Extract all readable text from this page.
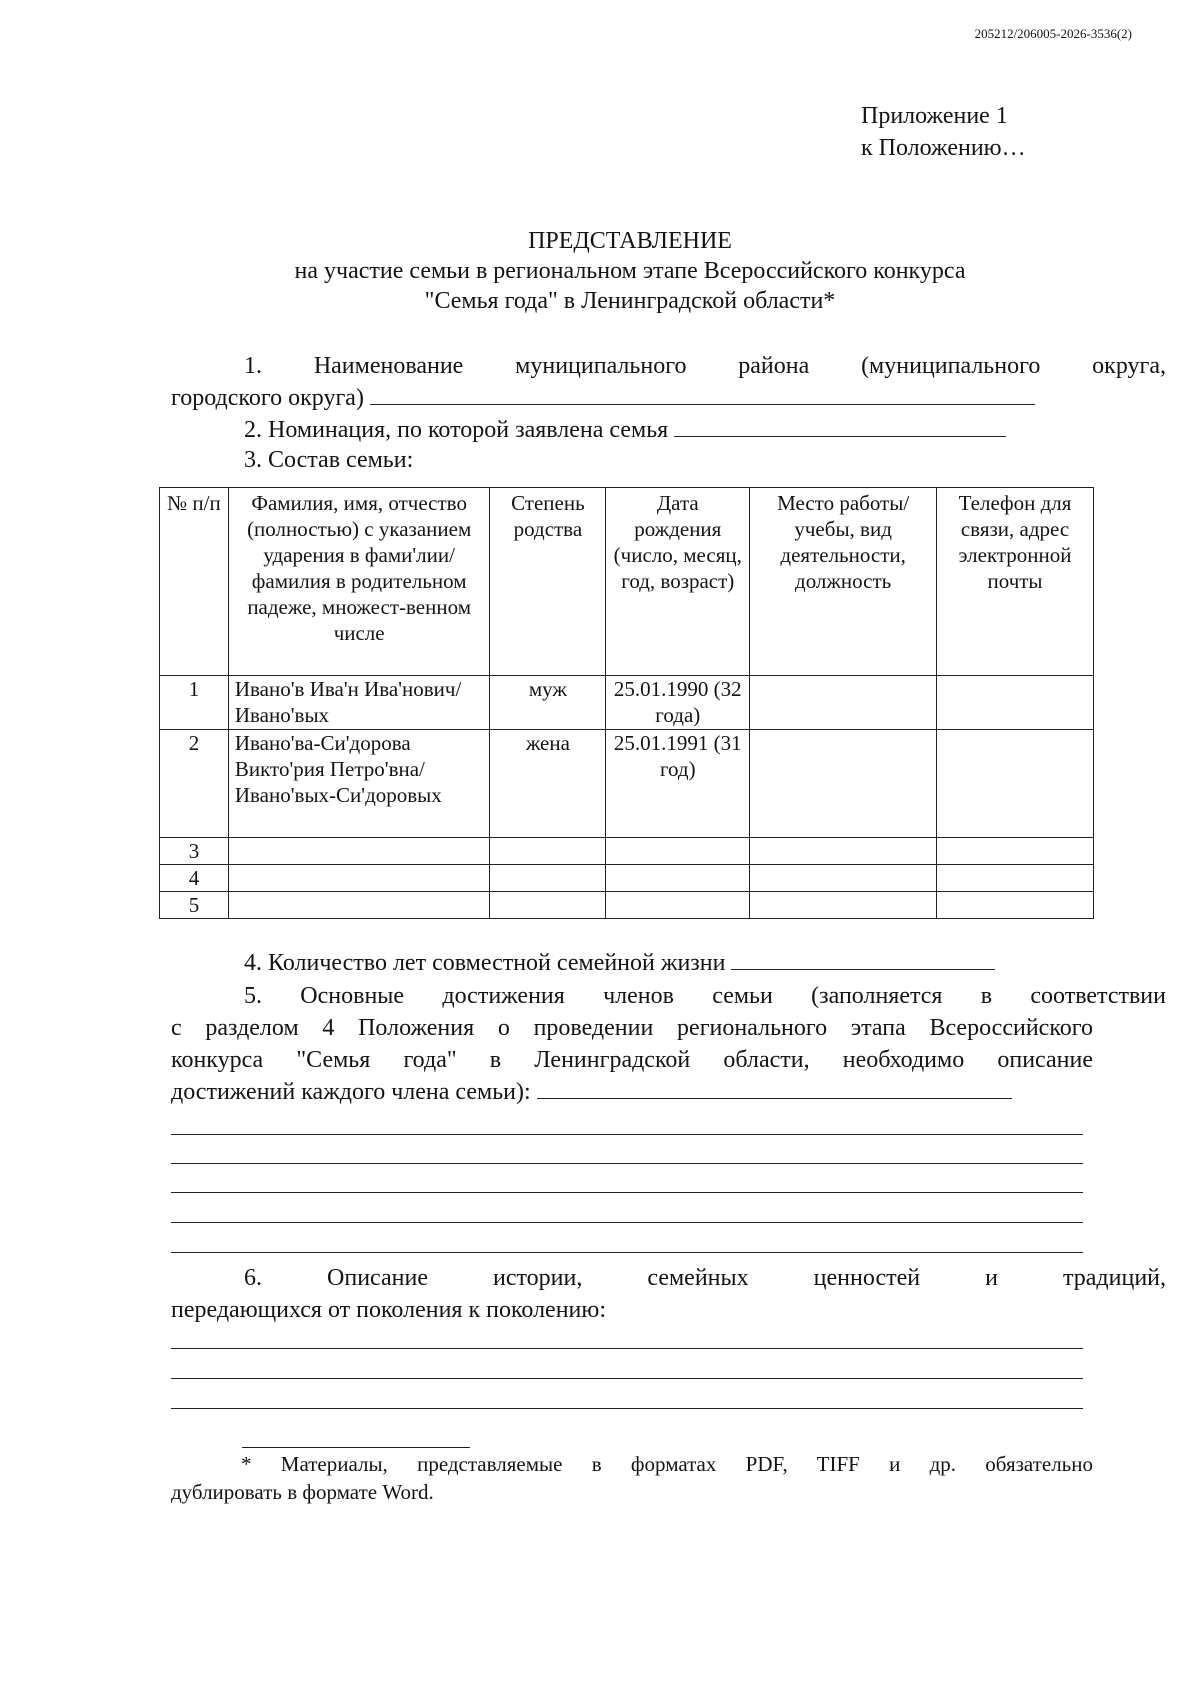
205212/206005-2026-3536(2)
Приложение 1
к Положению…
ПРЕДСТАВЛЕНИЕ
на участие семьи в региональном этапе Всероссийского конкурса
"Семья года" в Ленинградской области*
1. Наименование муниципального района (муниципального округа,
городского округа)
2. Номинация, по которой заявлена семья
3. Состав семьи:
№ п/п	Фамилия, имя, отчество (полностью) с указанием ударения в фами'лии/фамилия в родительном падеже, множест-венном числе	Степень родства	Дата рождения (число, месяц, год, возраст)	Место работы/ учебы, вид деятельности, должность	Телефон для связи, адрес электронной почты
1	Ивано'в Ива'н Ива'нович/Ивано'вых	муж	25.01.1990 (32 года)		
2	Ивано'ва-Си'дорова Викто'рия Петро'вна/ Ивано'вых-Си'доровых	жена	25.01.1991 (31 год)		
3					
4					
5					
4. Количество лет совместной семейной жизни
5. Основные достижения членов семьи (заполняется в соответствии
с разделом 4 Положения о проведении регионального этапа Всероссийского
конкурса "Семья года" в Ленинградской области, необходимо описание
достижений каждого члена семьи):
6. Описание истории, семейных ценностей и традиций,
передающихся от поколения к поколению:
* Материалы, представляемые в форматах PDF, TIFF и др. обязательно
дублировать в формате Word.
